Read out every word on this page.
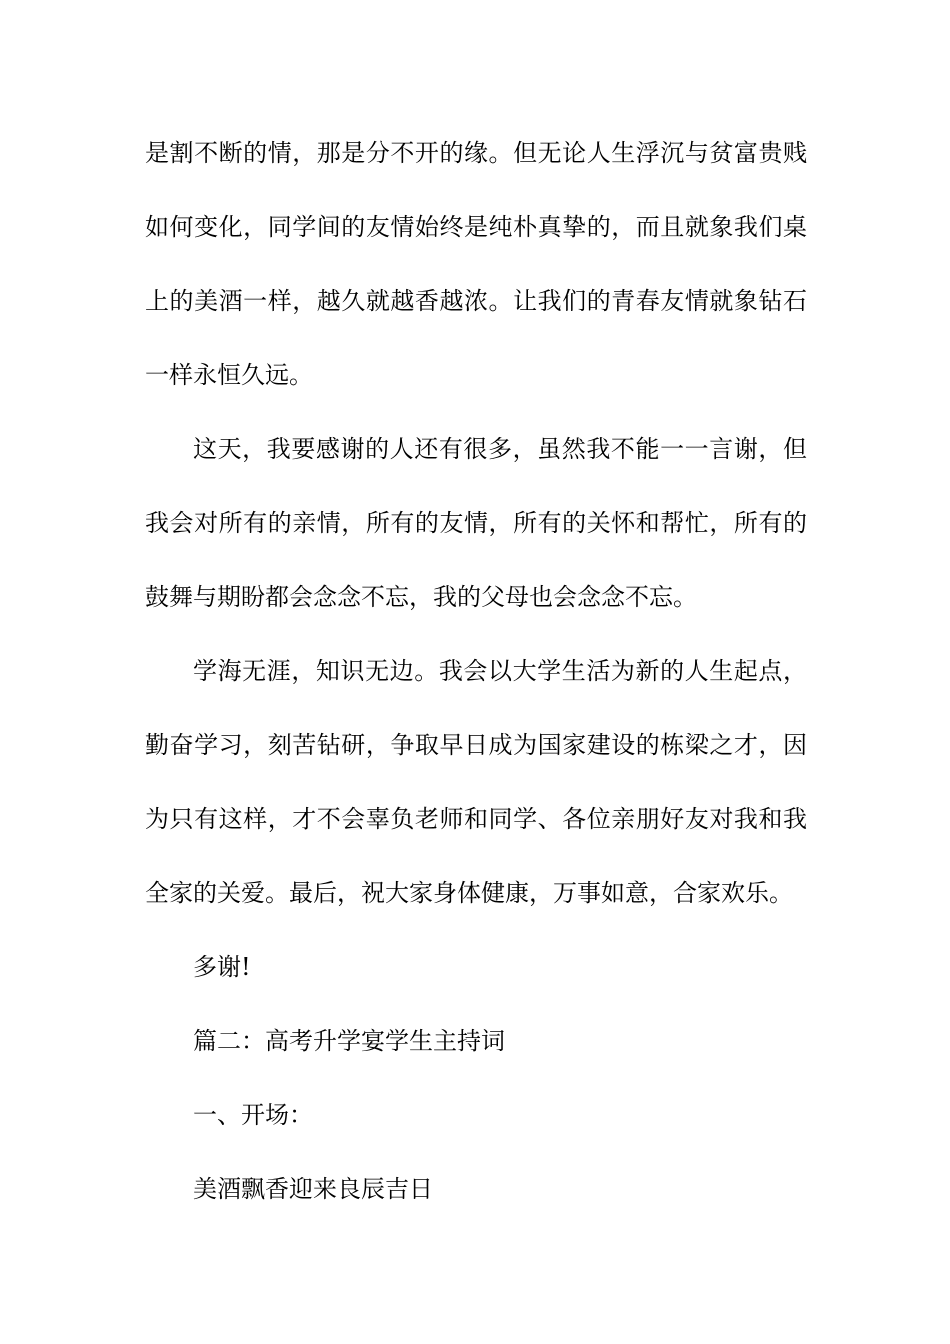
是割不断的情，那是分不开的缘。但无论人生浮沉与贫富贵贱
如何变化，同学间的友情始终是纯朴真挚的，而且就象我们桌
上的美酒一样，越久就越香越浓。让我们的青春友情就象钻石
一样永恒久远。
这天，我要感谢的人还有很多，虽然我不能一一言谢，但
我会对所有的亲情，所有的友情，所有的关怀和帮忙，所有的
鼓舞与期盼都会念念不忘，我的父母也会念念不忘。
学海无涯，知识无边。我会以大学生活为新的人生起点，
勤奋学习，刻苦钻研，争取早日成为国家建设的栋梁之才，因
为只有这样，才不会辜负老师和同学、各位亲朋好友对我和我
全家的关爱。最后，祝大家身体健康，万事如意，合家欢乐。
多谢!
篇二：高考升学宴学生主持词
一、开场：
美酒飘香迎来良辰吉日
